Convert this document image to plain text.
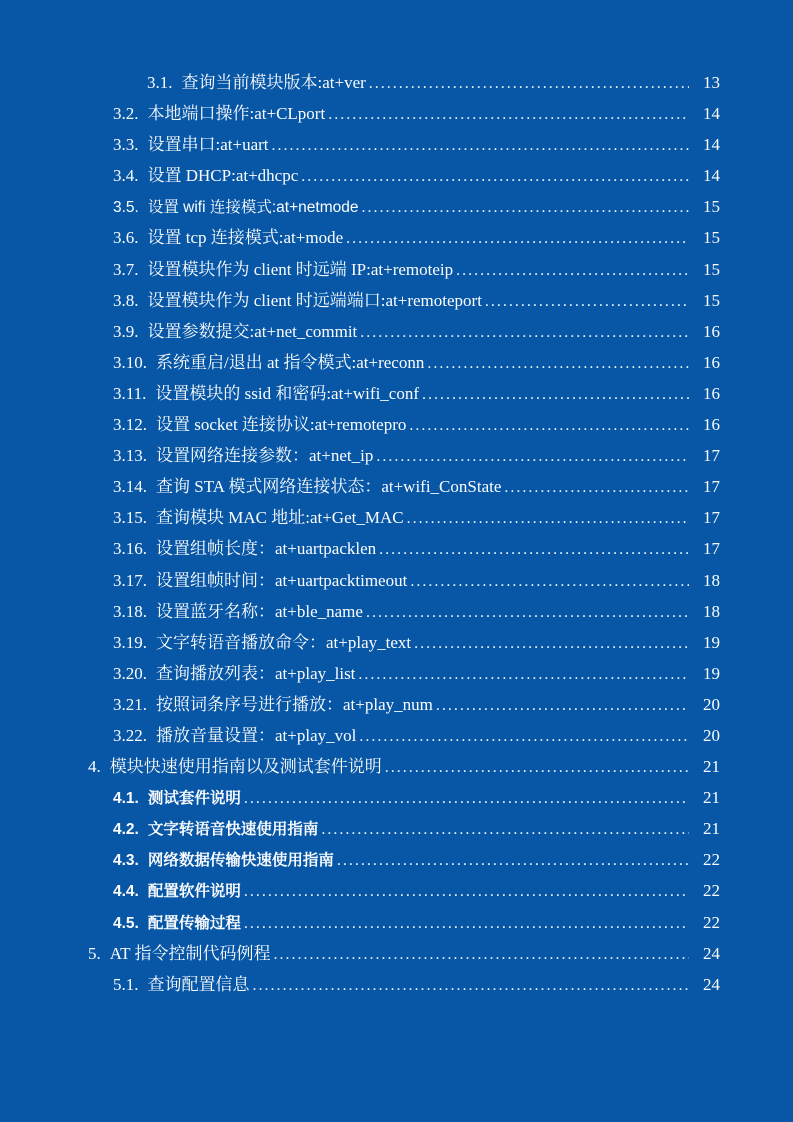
3.1. 查询当前模块版本:at+ver .....	13
3.2. 本地端口操作:at+CLport .....	14
3.3. 设置串口:at+uart .....	14
3.4. 设置 DHCP:at+dhcpc .....	14
3.5. 设置 wifi 连接模式:at+netmode .....	15
3.6. 设置 tcp 连接模式:at+mode .....	15
3.7. 设置模块作为 client 时远端 IP:at+remoteip .....	15
3.8. 设置模块作为 client 时远端端口:at+remoteport .....	15
3.9. 设置参数提交:at+net_commit .....	16
3.10. 系统重启/退出 at 指令模式:at+reconn .....	16
3.11. 设置模块的 ssid 和密码:at+wifi_conf .....	16
3.12. 设置 socket 连接协议:at+remotepro .....	16
3.13. 设置网络连接参数：at+net_ip .....	17
3.14. 查询 STA 模式网络连接状态：at+wifi_ConState .....	17
3.15. 查询模块 MAC 地址:at+Get_MAC .....	17
3.16. 设置组帧长度：at+uartpacklen .....	17
3.17. 设置组帧时间：at+uartpacktimeout .....	18
3.18. 设置蓝牙名称：at+ble_name .....	18
3.19. 文字转语音播放命令：at+play_text .....	19
3.20. 查询播放列表：at+play_list .....	19
3.21. 按照词条序号进行播放：at+play_num .....	20
3.22. 播放音量设置：at+play_vol .....	20
4. 模块快速使用指南以及测试套件说明 .....	21
4.1. 测试套件说明 .....	21
4.2. 文字转语音快速使用指南 .....	21
4.3. 网络数据传输快速使用指南 .....	22
4.4. 配置软件说明 .....	22
4.5. 配置传输过程 .....	22
5. AT 指令控制代码例程 .....	24
5.1. 查询配置信息 .....	24
